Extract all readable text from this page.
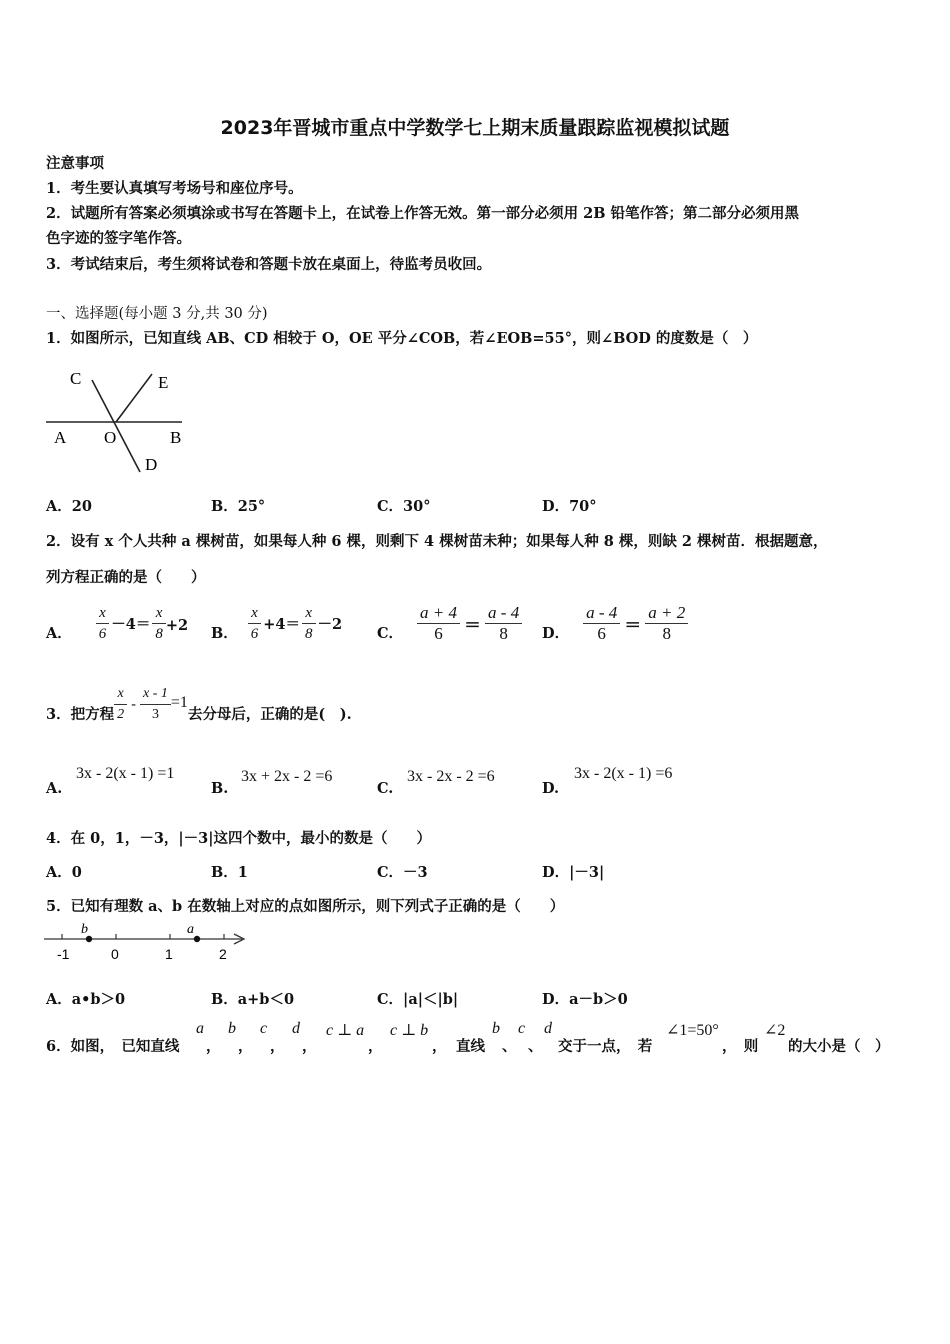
2023年晋城市重点中学数学七上期末质量跟踪监视模拟试题
注意事项
1．考生要认真填写考场号和座位序号。
2．试题所有答案必须填涂或书写在答题卡上，在试卷上作答无效。第一部分必须用 2B 铅笔作答；第二部分必须用黑
色字迹的签字笔作答。
3．考试结束后，考生须将试卷和答题卡放在桌面上，待监考员收回。
一、选择题(每小题 3 分,共 30 分)
1．如图所示，已知直线 AB、CD 相较于 O，OE 平分∠COB，若∠EOB=55°，则∠BOD 的度数是（　）
C	E
A O	B
D
A．20	B．25°	C．30°	D．70°
2．设有 x 个人共种 a 棵树苗，如果每人种 6 棵，则剩下 4 棵树苗未种；如果每人种 8 棵，则缺 2 棵树苗．根据题意，
列方程正确的是（　　）
A． $\frac{x}{6} -4= \frac{x}{8} +2$ B． $\frac{x}{6} +4= \frac{x}{8} -2$
C． $\frac{a + 4}{6} = \frac{a - 4}{8}$ D． $\frac{a - 4}{6} = \frac{a + 2}{8}$
3．把方程 $\frac{x}{2} - \frac{x - 1}{3} =1$
去分母后，正确的是(　).
A.
3x - 2(x - 1) =1
B.
3x + 2x - 2 =6
C.
3x - 2x - 2 =6
D.
3x - 2(x - 1) =6
4．在 0，1，－3，|－3|这四个数中，最小的数是（　　）
A．0	B．1	C．－3	D．|－3|
5．已知有理数 a、b 在数轴上对应的点如图所示，则下列式子正确的是（　　）
-1	0	1	2
b	a
A．a•b＞0	B．a+b＜0	C．|a|＜|b|	D．a－b＞0
6．如图，　已知直线
a
，
b
，
c
，
d
，
c ⊥ a
，
c ⊥ b
， 直线
b
、
c
、
d
交于一点，　若
∠1=50°
，　则
∠2
的大小是（　）
